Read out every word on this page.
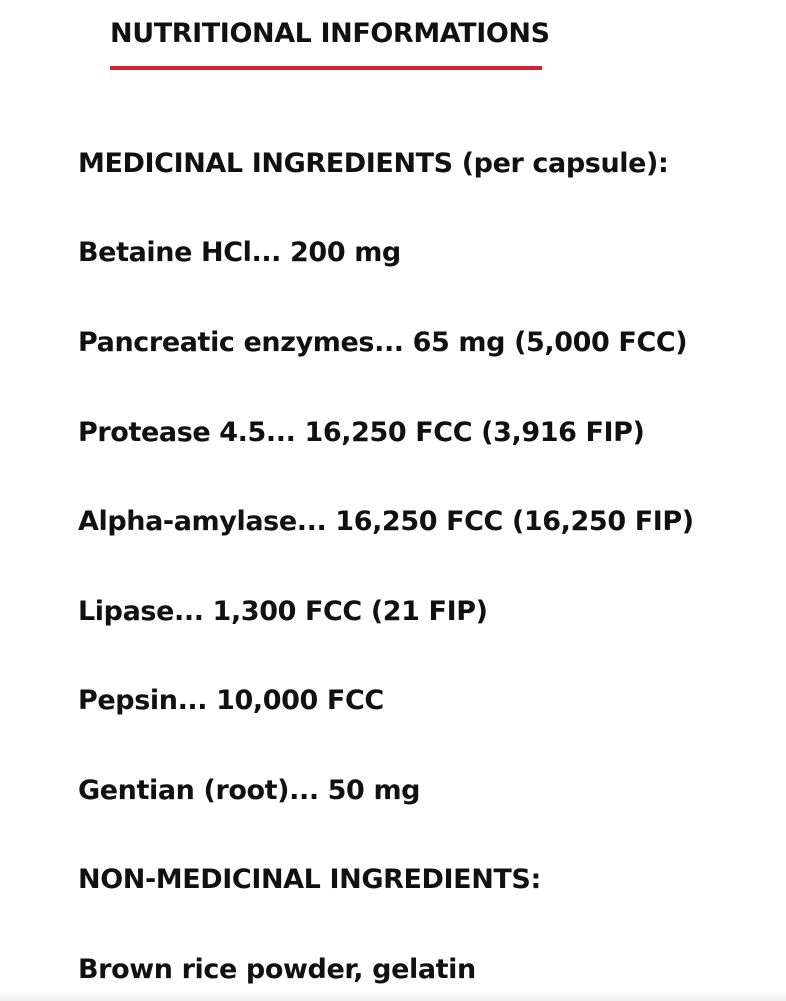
NUTRITIONAL INFORMATIONS
MEDICINAL INGREDIENTS (per capsule):
Betaine HCl... 200 mg
Pancreatic enzymes... 65 mg (5,000 FCC)
Protease 4.5... 16,250 FCC (3,916 FIP)
Alpha-amylase... 16,250 FCC (16,250 FIP)
Lipase... 1,300 FCC (21 FIP)
Pepsin... 10,000 FCC
Gentian (root)... 50 mg
NON-MEDICINAL INGREDIENTS:
Brown rice powder, gelatin
